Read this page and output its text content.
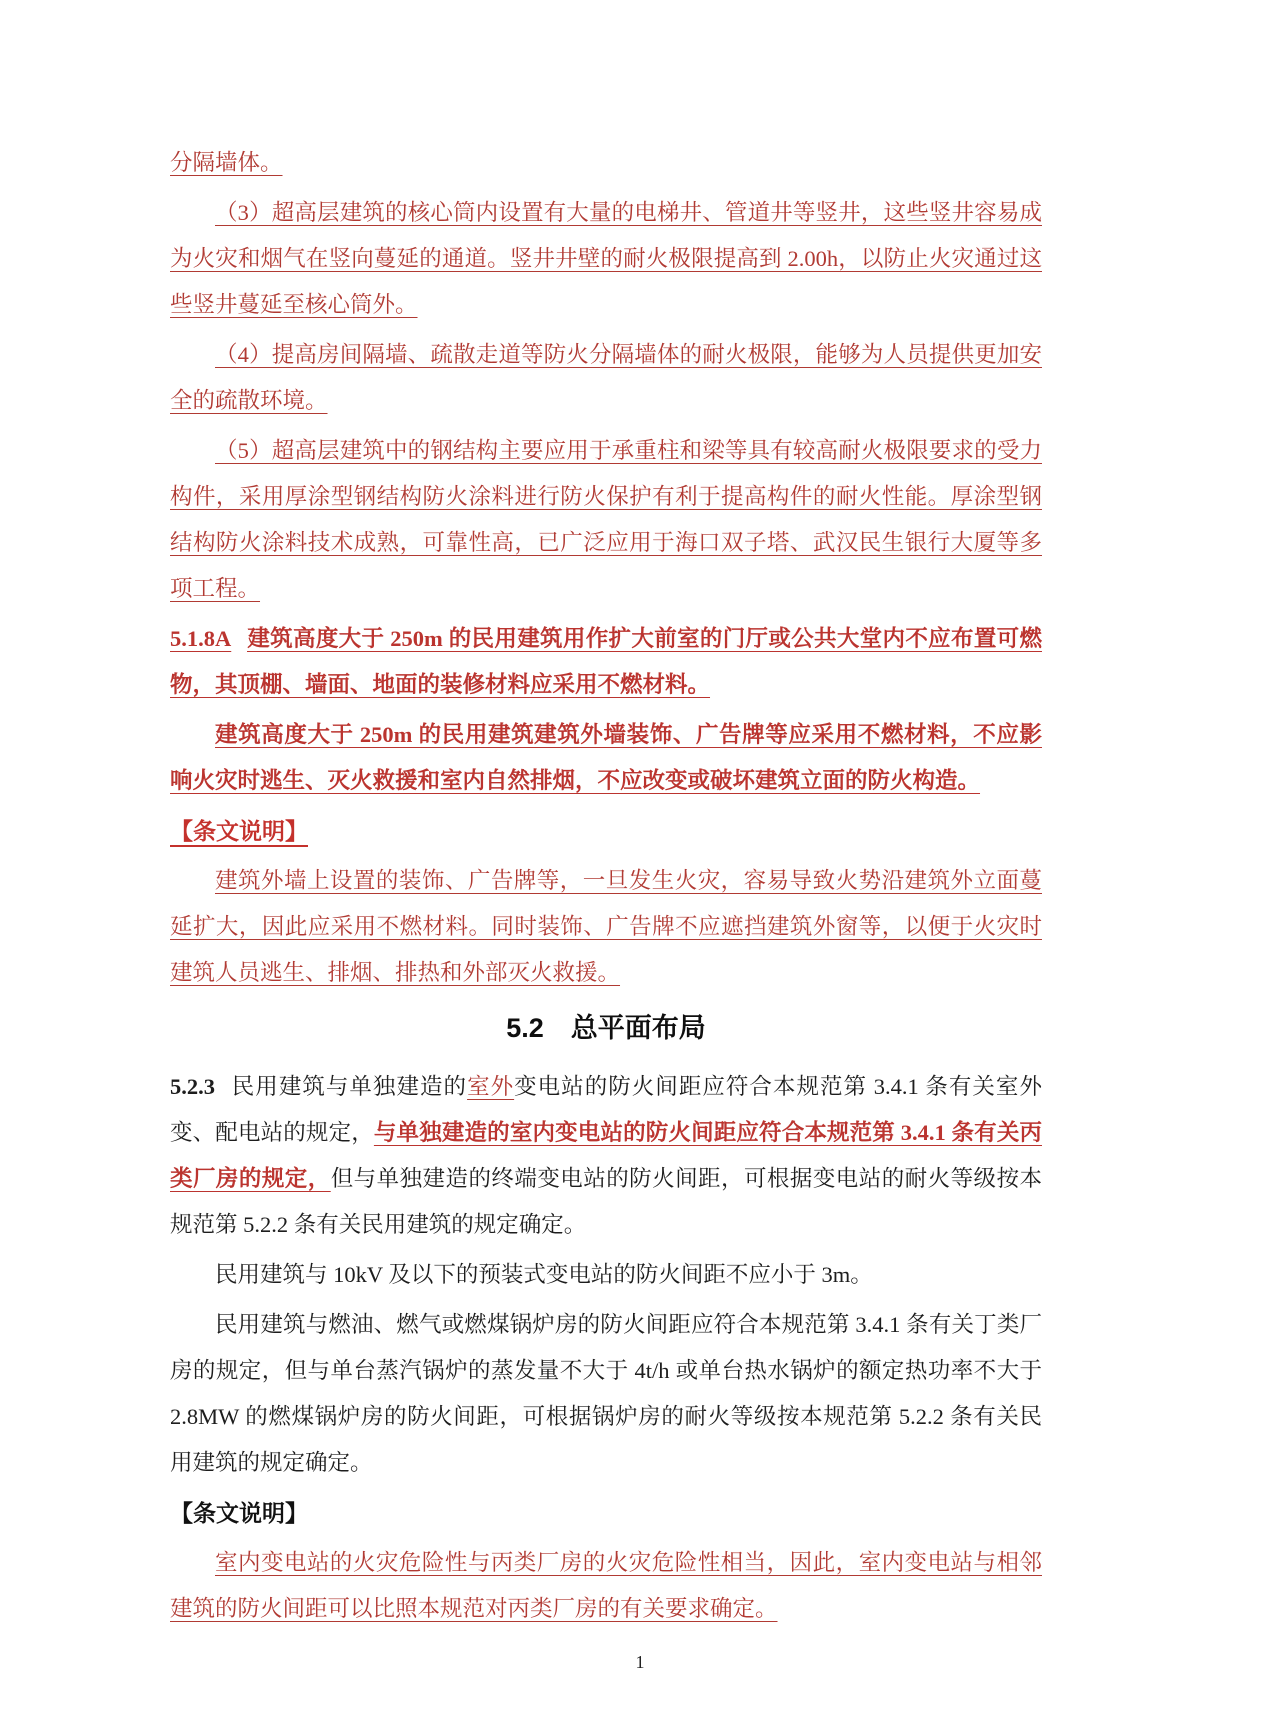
分隔墙体。

（3）超高层建筑的核心筒内设置有大量的电梯井、管道井等竖井，这些竖井容易成为火灾和烟气在竖向蔓延的通道。竖井井壁的耐火极限提高到 2.00h，以防止火灾通过这些竖井蔓延至核心筒外。

（4）提高房间隔墙、疏散走道等防火分隔墙体的耐火极限，能够为人员提供更加安全的疏散环境。

（5）超高层建筑中的钢结构主要应用于承重柱和梁等具有较高耐火极限要求的受力构件，采用厚涂型钢结构防火涂料进行防火保护有利于提高构件的耐火性能。厚涂型钢结构防火涂料技术成熟，可靠性高，已广泛应用于海口双子塔、武汉民生银行大厦等多项工程。

5.1.8A 建筑高度大于 250m 的民用建筑用作扩大前室的门厅或公共大堂内不应布置可燃物，其顶棚、墙面、地面的装修材料应采用不燃材料。

建筑高度大于 250m 的民用建筑建筑外墙装饰、广告牌等应采用不燃材料，不应影响火灾时逃生、灭火救援和室内自然排烟，不应改变或破坏建筑立面的防火构造。

【条文说明】

建筑外墙上设置的装饰、广告牌等，一旦发生火灾，容易导致火势沿建筑外立面蔓延扩大，因此应采用不燃材料。同时装饰、广告牌不应遮挡建筑外窗等，以便于火灾时建筑人员逃生、排烟、排热和外部灭火救援。

5.2　总平面布局

5.2.3 民用建筑与单独建造的室外变电站的防火间距应符合本规范第 3.4.1 条有关室外变、配电站的规定，与单独建造的室内变电站的防火间距应符合本规范第 3.4.1 条有关丙类厂房的规定，但与单独建造的终端变电站的防火间距，可根据变电站的耐火等级按本规范第 5.2.2 条有关民用建筑的规定确定。

民用建筑与 10kV 及以下的预装式变电站的防火间距不应小于 3m。

民用建筑与燃油、燃气或燃煤锅炉房的防火间距应符合本规范第 3.4.1 条有关丁类厂房的规定，但与单台蒸汽锅炉的蒸发量不大于 4t/h 或单台热水锅炉的额定热功率不大于 2.8MW 的燃煤锅炉房的防火间距，可根据锅炉房的耐火等级按本规范第 5.2.2 条有关民用建筑的规定确定。

【条文说明】

室内变电站的火灾危险性与丙类厂房的火灾危险性相当，因此，室内变电站与相邻建筑的防火间距可以比照本规范对丙类厂房的有关要求确定。

1
